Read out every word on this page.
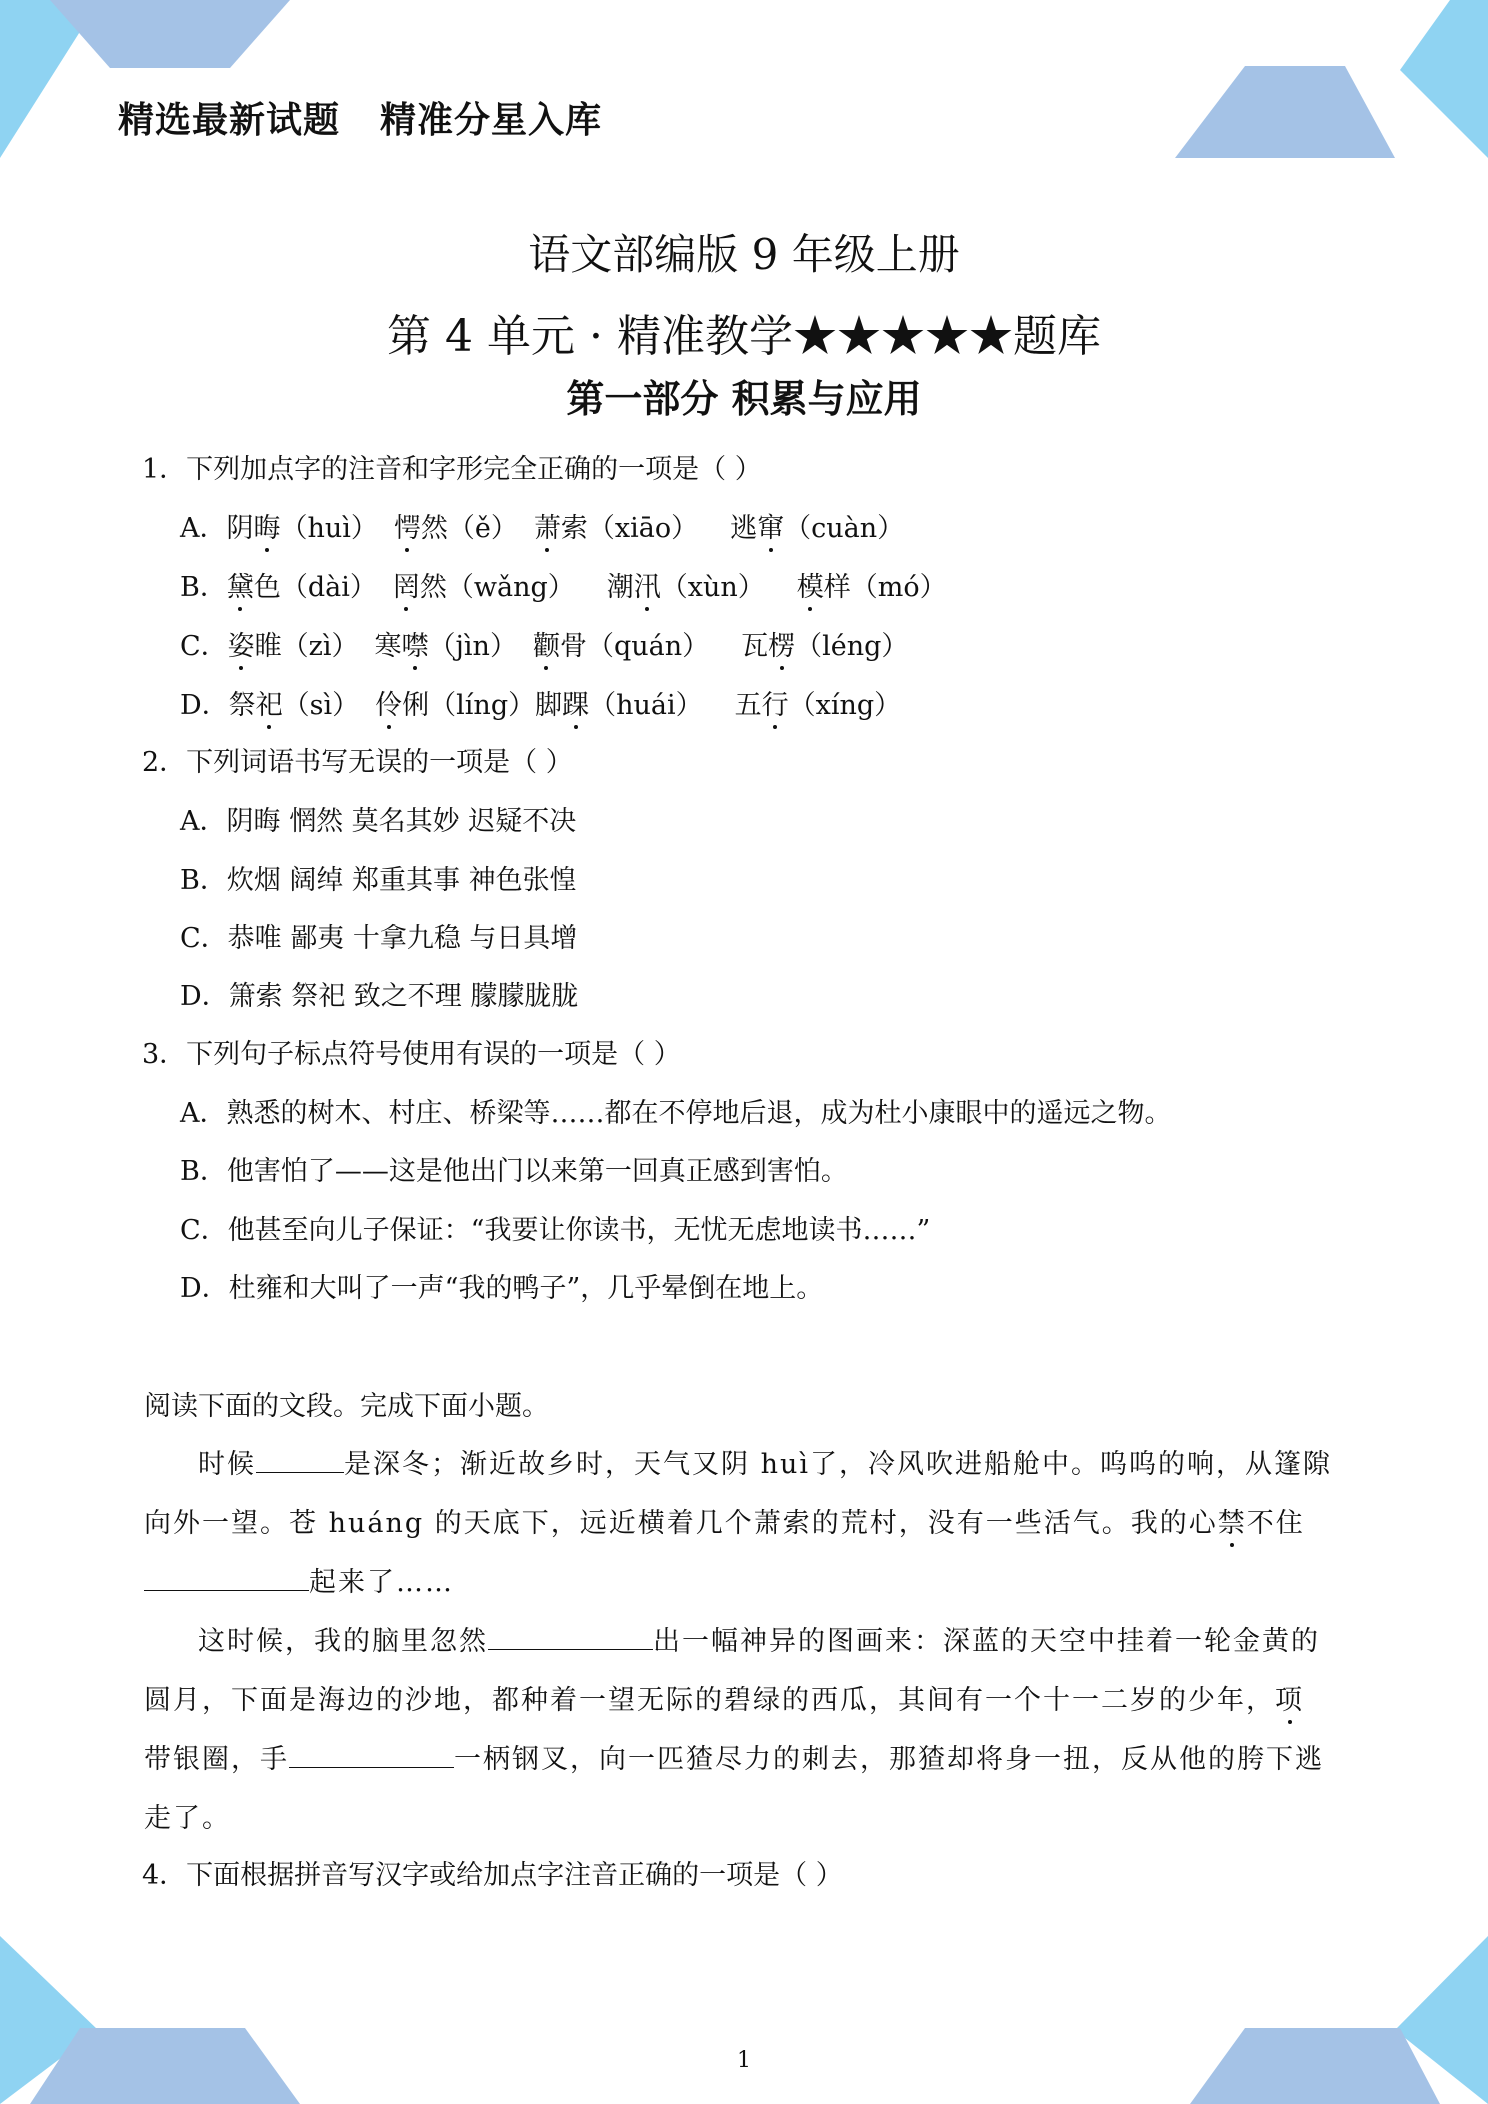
精选最新试题 精准分星入库
语文部编版 9 年级上册
第 4 单元 · 精准教学★★★★★题库
第一部分 积累与应用
1．下列加点字的注音和字形完全正确的一项是（ ）
A．阴晦（huì） 愕然（ě） 萧索（xiāo） 逃窜（cuàn）
B．黛色（dài） 罔然（wǎng） 潮汛（xùn） 模样（mó）
C．姿睢（zì） 寒噤（jìn） 颧骨（quán） 瓦楞（léng）
D．祭祀（sì） 伶俐（líng）脚踝（huái） 五行（xíng）
2．下列词语书写无误的一项是（ ）
A．阴晦 惘然 莫名其妙 迟疑不决
B．炊烟 阔绰 郑重其事 神色张惶
C．恭唯 鄙夷 十拿九稳 与日具增
D．箫索 祭祀 致之不理 朦朦胧胧
3．下列句子标点符号使用有误的一项是（ ）
A．熟悉的树木、村庄、桥梁等……都在不停地后退，成为杜小康眼中的遥远之物。
B．他害怕了——这是他出门以来第一回真正感到害怕。
C．他甚至向儿子保证：“我要让你读书，无忧无虑地读书……”
D．杜雍和大叫了一声“我的鸭子”，几乎晕倒在地上。
阅读下面的文段。完成下面小题。
时候	是深冬；渐近故乡时，天气又阴 huì了，冷风吹进船舱中。呜呜的响，从篷隙
向外一望。苍 huáng 的天底下，远近横着几个萧索的荒村，没有一些活气。我的心禁不住
起来了……
这时候，我的脑里忽然	出一幅神异的图画来：深蓝的天空中挂着一轮金黄的
圆月，下面是海边的沙地，都种着一望无际的碧绿的西瓜，其间有一个十一二岁的少年，项
带银圈，手	一柄钢叉，向一匹猹尽力的刺去，那猹却将身一扭，反从他的胯下逃
走了。
4．下面根据拼音写汉字或给加点字注音正确的一项是（ ）
1
